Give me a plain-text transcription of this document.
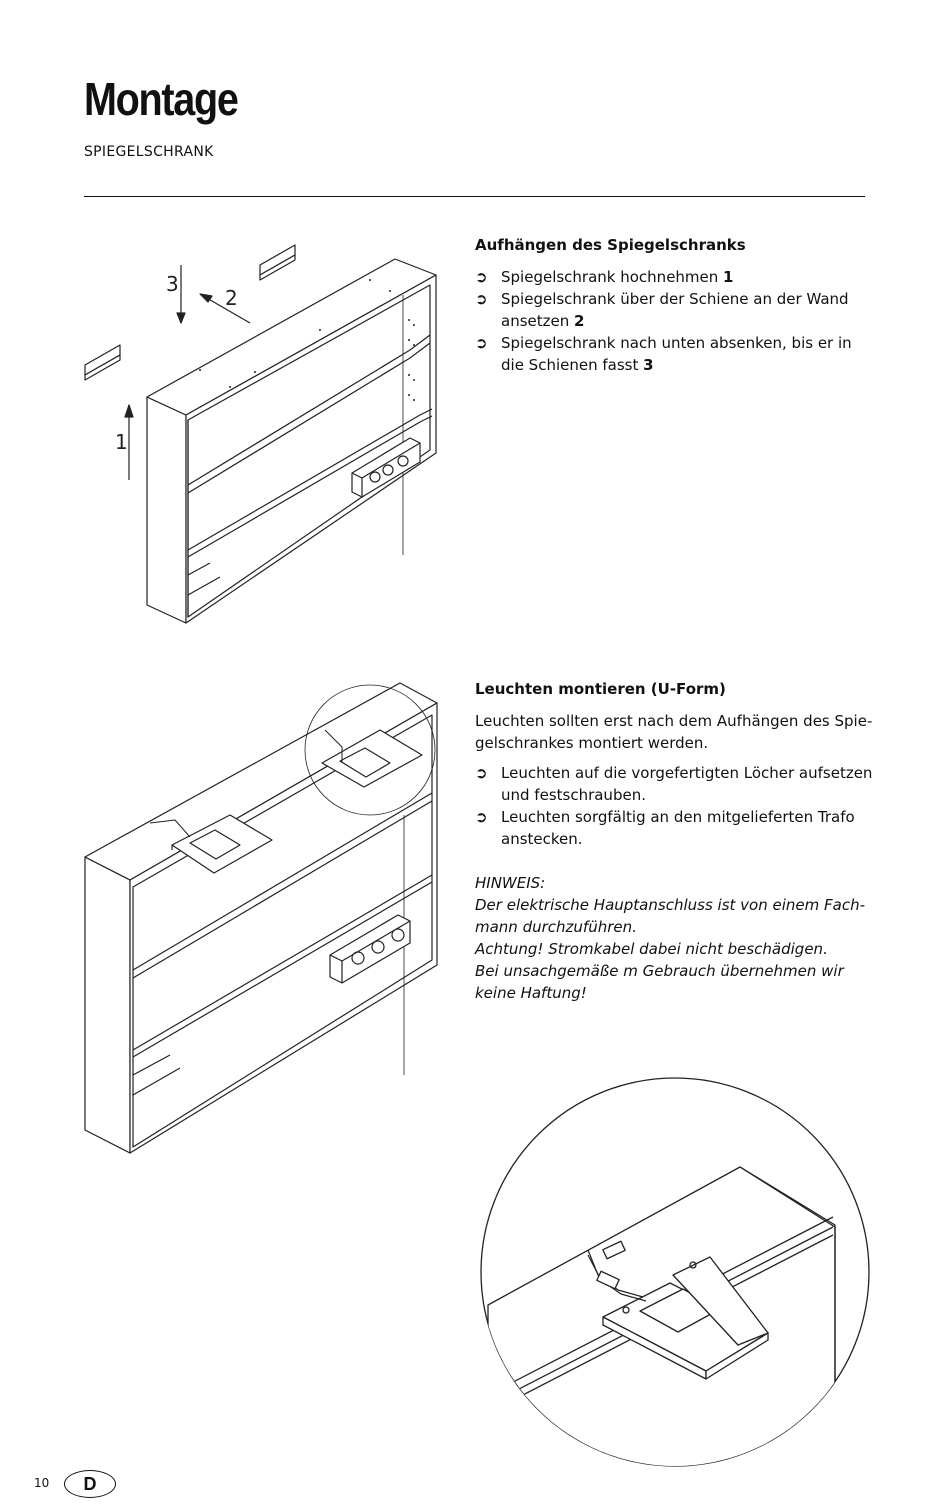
Montage
SPIEGELSCHRANK
1
3
2
Aufhängen des Spiegelschranks
➲ Spiegelschrank hochnehmen 1
➲ Spiegelschrank über der Schiene an der Wand ansetzen 2
➲ Spiegelschrank nach unten absenken, bis er in die Schienen fasst 3
Leuchten montieren (U-Form)

Leuchten sollten erst nach dem Aufhängen des Spie-gelschrankes montiert werden.

➲ Leuchten auf die vorgefertigten Löcher aufsetzen und festschrauben.
➲ Leuchten sorgfältig an den mitgelieferten Trafo anstecken.
HINWEIS:
Der elektrische Hauptanschluss ist von einem Fach-mann durchzuführen.
Achtung! Stromkabel dabei nicht beschädigen.
Bei unsachgemäße m Gebrauch übernehmen wir keine Haftung!
10	D
